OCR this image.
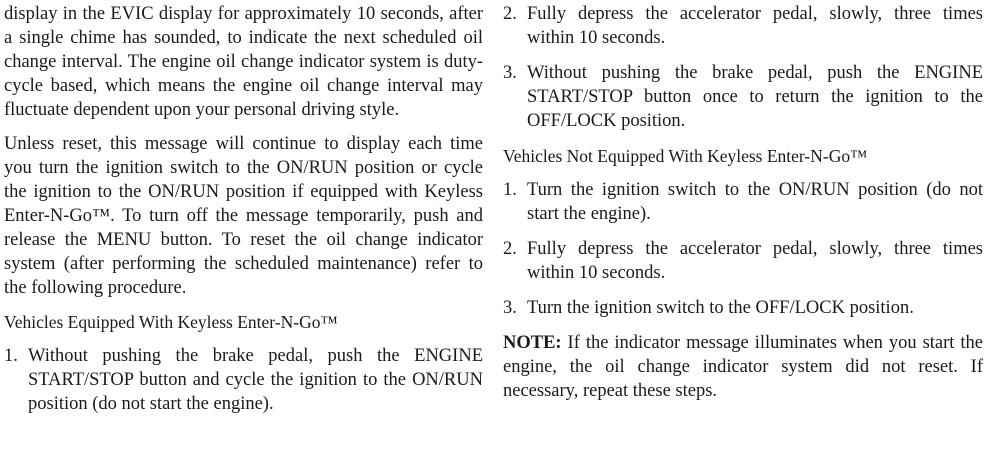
display in the EVIC display for approximately 10 seconds, after a single chime has sounded, to indicate the next scheduled oil change interval. The engine oil change indicator system is duty-cycle based, which means the engine oil change interval may fluctuate dependent upon your personal driving style.

Unless reset, this message will continue to display each time you turn the ignition switch to the ON/RUN position or cycle the ignition to the ON/RUN position if equipped with Keyless Enter-N-Go™. To turn off the message temporarily, push and release the MENU button. To reset the oil change indicator system (after performing the scheduled maintenance) refer to the following procedure.

Vehicles Equipped With Keyless Enter-N-Go™
1. Without pushing the brake pedal, push the ENGINE START/STOP button and cycle the ignition to the ON/RUN position (do not start the engine).
2. Fully depress the accelerator pedal, slowly, three times within 10 seconds.
3. Without pushing the brake pedal, push the ENGINE START/STOP button once to return the ignition to the OFF/LOCK position.
Vehicles Not Equipped With Keyless Enter-N-Go™
1. Turn the ignition switch to the ON/RUN position (do not start the engine).
2. Fully depress the accelerator pedal, slowly, three times within 10 seconds.
3. Turn the ignition switch to the OFF/LOCK position.

NOTE: If the indicator message illuminates when you start the engine, the oil change indicator system did not reset. If necessary, repeat these steps.
